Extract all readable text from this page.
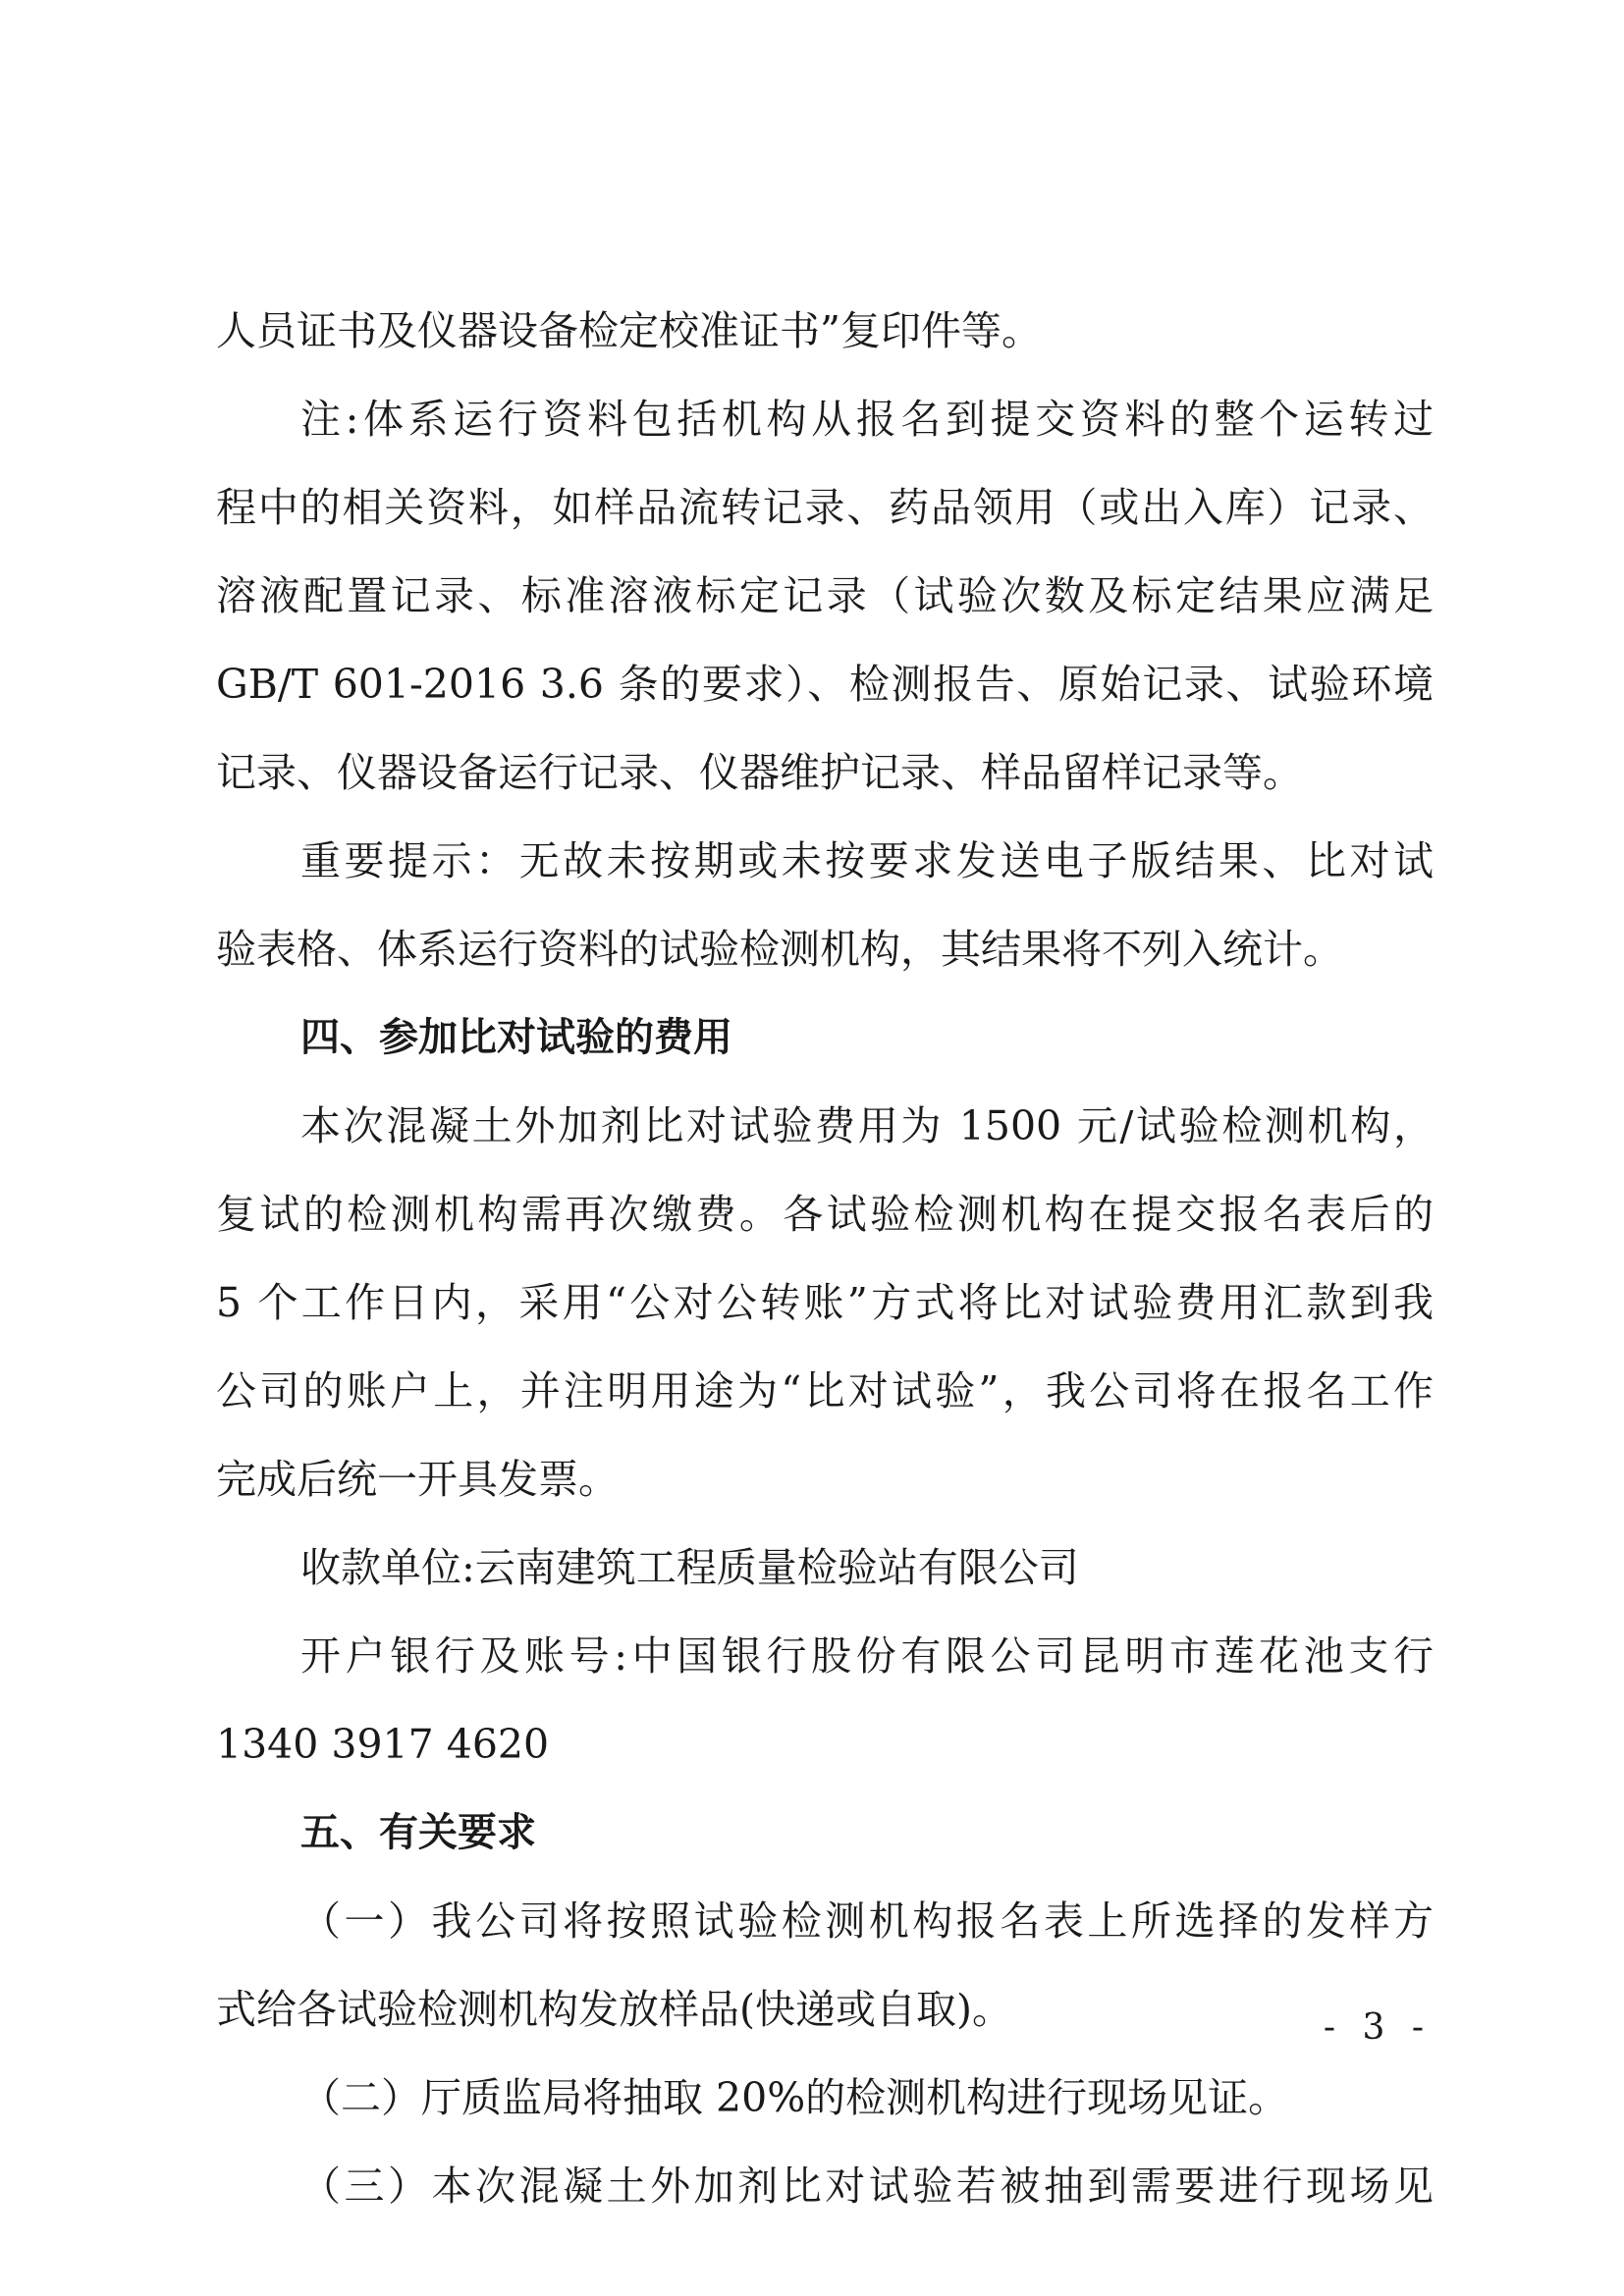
人员证书及仪器设备检定校准证书”复印件等。
注:体系运行资料包括机构从报名到提交资料的整个运转过
程中的相关资料，如样品流转记录、药品领用（或出入库）记录、
溶液配置记录、标准溶液标定记录（试验次数及标定结果应满足
GB/T 601-2016 3.6 条的要求）、检测报告、原始记录、试验环境
记录、仪器设备运行记录、仪器维护记录、样品留样记录等。
重要提示：无故未按期或未按要求发送电子版结果、比对试
验表格、体系运行资料的试验检测机构，其结果将不列入统计。
四、参加比对试验的费用
本次混凝土外加剂比对试验费用为 1500 元/试验检测机构，
复试的检测机构需再次缴费。各试验检测机构在提交报名表后的
5 个工作日内，采用“公对公转账”方式将比对试验费用汇款到我
公司的账户上，并注明用途为“比对试验”，我公司将在报名工作
完成后统一开具发票。
收款单位:云南建筑工程质量检验站有限公司
开户银行及账号:中国银行股份有限公司昆明市莲花池支行
1340 3917 4620
五、有关要求
（一）我公司将按照试验检测机构报名表上所选择的发样方
式给各试验检测机构发放样品(快递或自取)。
（二）厅质监局将抽取 20%的检测机构进行现场见证。
（三）本次混凝土外加剂比对试验若被抽到需要进行现场见
- 3 -
